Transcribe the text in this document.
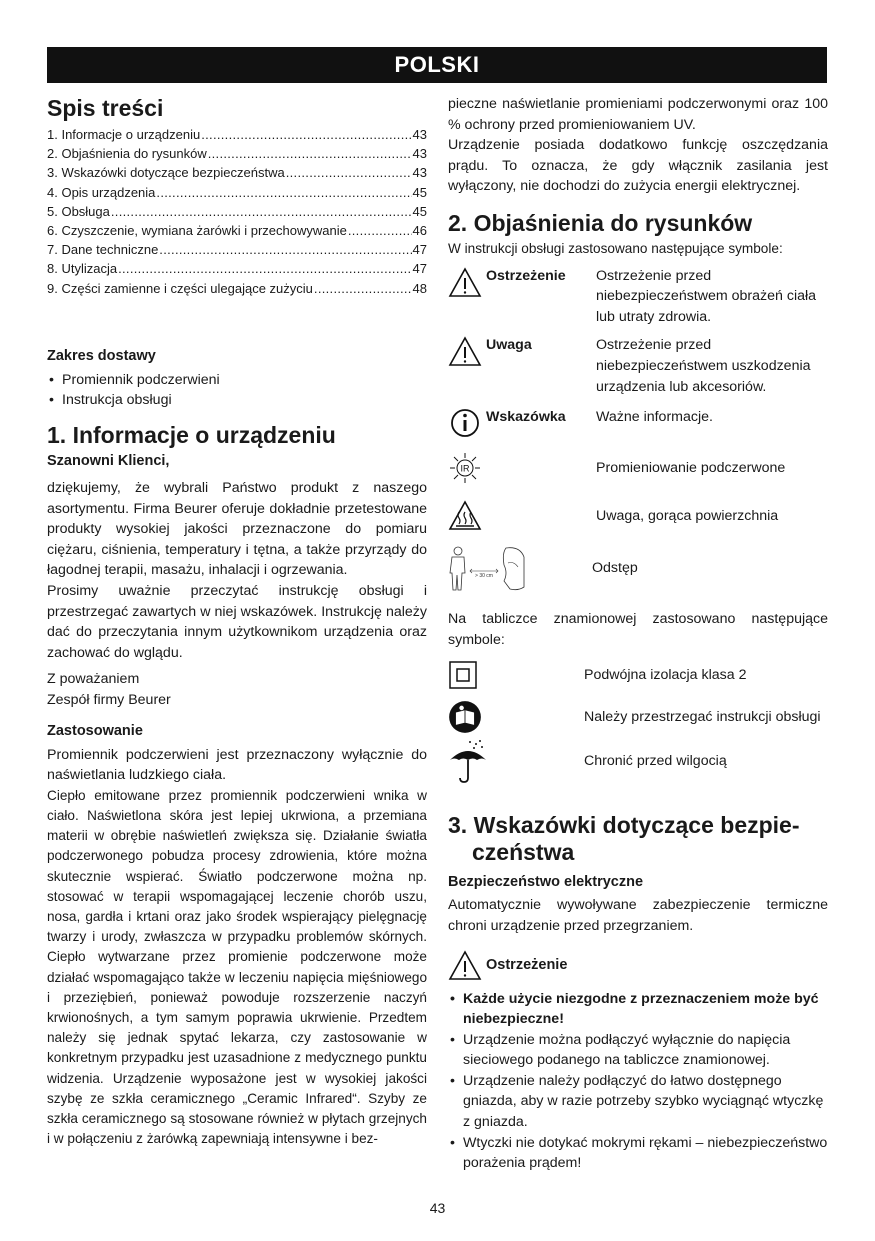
POLSKI
Spis treści
1. Informacje o urządzeniu .....	43
2. Objaśnienia do rysunków .....	43
3. Wskazówki dotyczące bezpieczeństwa .....	43
4. Opis urządzenia .....	45
5. Obsługa .....	45
6. Czyszczenie, wymiana żarówki i przechowywanie .....	46
7. Dane techniczne .....	47
8. Utylizacja .....	47
9. Części zamienne i części ulegające zużyciu .....	48
Zakres dostawy
• Promiennik podczerwieni
• Instrukcja obsługi
1. Informacje o urządzeniu
Szanowni Klienci,

dziękujemy, że wybrali Państwo produkt z naszego asortymentu. Firma Beurer oferuje dokładnie przetestowane produkty wysokiej jakości przeznaczone do pomiaru ciężaru, ciśnienia, temperatury i tętna, a także przyrządy do łagodnej terapii, masażu, inhalacji i ogrzewania.

Prosimy uważnie przeczytać instrukcję obsługi i przestrzegać zawartych w niej wskazówek. Instrukcję należy dać do przeczytania innym użytkownikom urządzenia oraz zachować do wglądu.

Z poważaniem

Zespół firmy Beurer

Zastosowanie

Promiennik podczerwieni jest przeznaczony wyłącznie do naświetlania ludzkiego ciała.

Ciepło emitowane przez promiennik podczerwieni wnika w ciało. Naświetlona skóra jest lepiej ukrwiona, a przemiana materii w obrębie naświetleń zwiększa się. Działanie światła podczerwonego pobudza procesy zdrowienia, które można skutecznie wspierać. Światło podczerwone można np. stosować w terapii wspomagającej leczenie chorób uszu, nosa, gardła i krtani oraz jako środek wspierający pielęgnację twarzy i urody, zwłaszcza w przypadku problemów skórnych. Ciepło wytwarzane przez promienie podczerwone może działać wspomagająco także w leczeniu napięcia mięśniowego i przeziębień, ponieważ powoduje rozszerzenie naczyń krwionośnych, a tym samym poprawia ukrwienie. Przedtem należy się jednak spytać lekarza, czy zastosowanie w konkretnym przypadku jest uzasadnione z medycznego punktu widzenia. Urządzenie wyposażone jest w wysokiej jakości szybę ze szkła ceramicznego „Ceramic Infrared“. Szyby ze szkła ceramicznego są stosowane również w płytach grzejnych i w połączeniu z żarówką zapewniają intensywne i bez-

pieczne naświetlanie promieniami podczerwonymi oraz 100 % ochrony przed promieniowaniem UV.

Urządzenie posiada dodatkowo funkcję oszczędzania prądu. To oznacza, że gdy włącznik zasilania jest wyłączony, nie dochodzi do zużycia energii elektrycznej.

2. Objaśnienia do rysunków

W instrukcji obsługi zastosowano następujące symbole:

Ostrzeżenie	Ostrzeżenie przed niebezpieczeństwem obrażeń ciała lub utraty zdrowia.
Uwaga	Ostrzeżenie przed niebezpieczeństwem uszkodzenia urządzenia lub akcesoriów.
Wskazówka	Ważne informacje.
IR	Promieniowanie podczerwone
Uwaga, gorąca powierzchnia
> 30 cm
Odstęp

Na tabliczce znamionowej zastosowano następujące symbole:

Podwójna izolacja klasa 2
Należy przestrzegać instrukcji obsługi
Chronić przed wilgocią
3. Wskazówki dotyczące bezpie-
czeństwa
Bezpieczeństwo elektryczne

Automatycznie wywoływane zabezpieczenie termiczne chroni urządzenie przed przegrzaniem.

Ostrzeżenie
• Każde użycie niezgodne z przeznaczeniem może być niebezpieczne!
• Urządzenie można podłączyć wyłącznie do napięcia sieciowego podanego na tabliczce znamionowej.
• Urządzenie należy podłączyć do łatwo dostępnego gniazda, aby w razie potrzeby szybko wyciągnąć wtyczkę z gniazda.
• Wtyczki nie dotykać mokrymi rękami – niebezpieczeństwo porażenia prądem!
43
